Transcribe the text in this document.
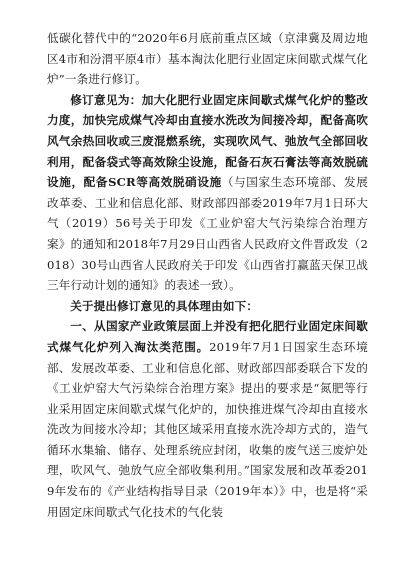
低碳化替代中的“2020年6月底前重点区域（京津冀及周边地区4市和汾渭平原4市）基本淘汰化肥行业固定床间歇式煤气化炉”一条进行修订。

修订意见为：加大化肥行业固定床间歇式煤气化炉的整改力度，加快完成煤气冷却由直接水洗改为间接冷却，配备高吹风气余热回收或三废混燃系统，实现吹风气、弛放气全部回收利用，配备袋式等高效除尘设施，配备石灰石膏法等高效脱硫设施，配备SCR等高效脱硝设施（与国家生态环境部、发展改革委、工业和信息化部、财政部四部委2019年7月1日环大气（2019）56号关于印发《工业炉窑大气污染综合治理方案》的通知和2018年7月29日山西省人民政府文件晋政发（2018）30号山西省人民政府关于印发《山西省打赢蓝天保卫战三年行动计划的通知》的表述一致）。

关于提出修订意见的具体理由如下：

一、从国家产业政策层面上并没有把化肥行业固定床间歇式煤气化炉列入淘汰类范围。2019年7月1日国家生态环境部、发展改革委、工业和信息化部、财政部四部委联合下发的《工业炉窑大气污染综合治理方案》提出的要求是“氮肥等行业采用固定床间歇式煤气化炉的，加快推进煤气冷却由直接水洗改为间接水冷却；其他区域采用直接水洗冷却方式的，造气循环水集输、储存、处理系统应封闭，收集的废气送三废炉处理，吹风气、弛放气应全部收集利用。”国家发展和改革委2019年发布的《产业结构指导目录（2019年本）》中，也是将“采用固定床间歇式气化技术的气化装
